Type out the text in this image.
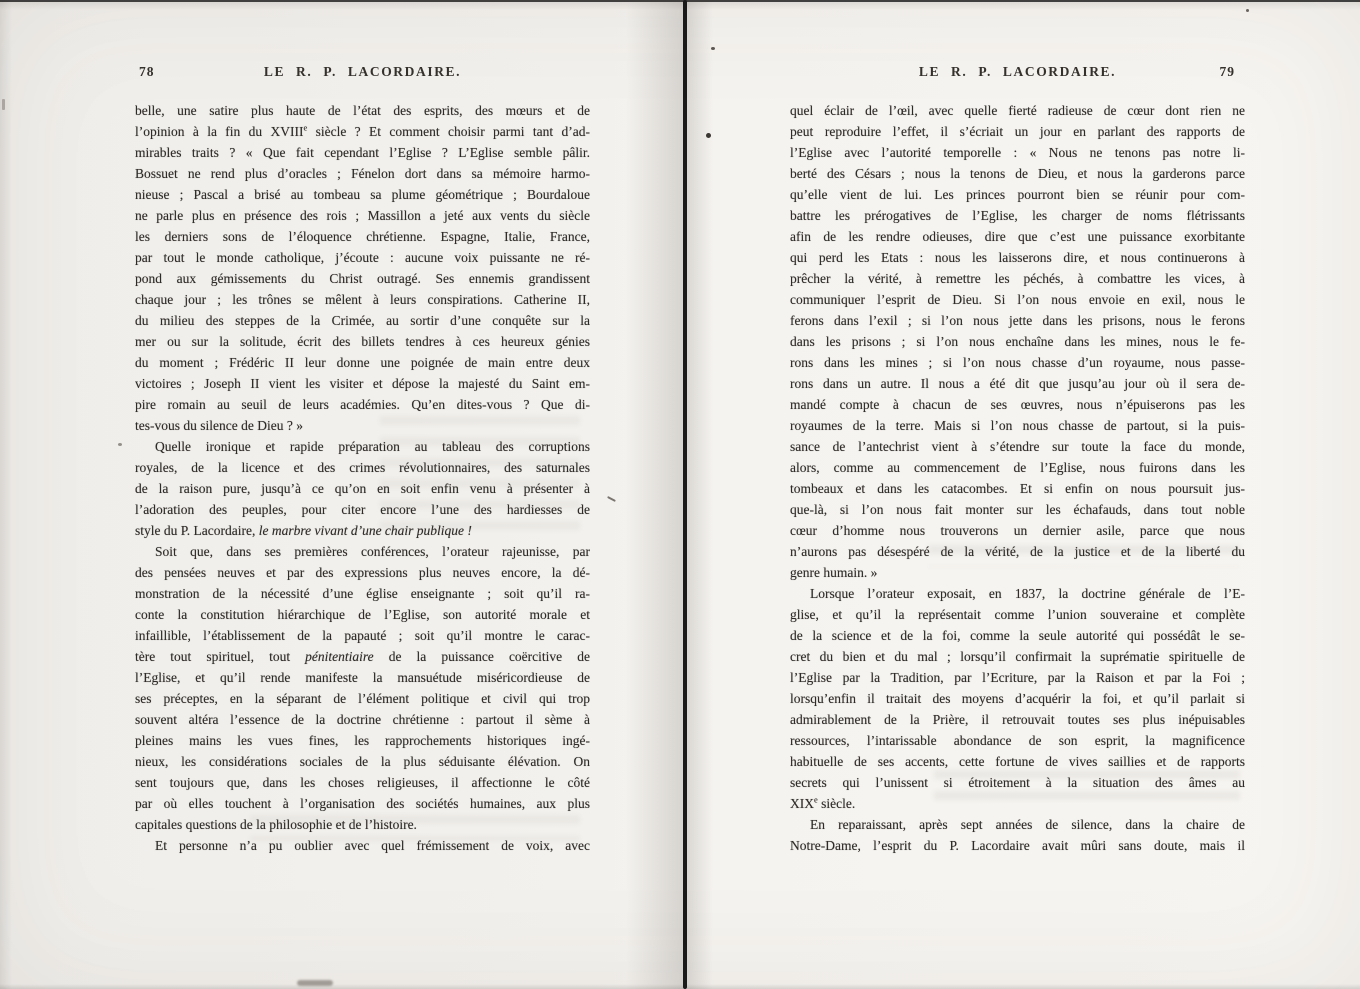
78	LE R. P. LACORDAIRE.
belle, une satire plus haute de l’état des esprits, des mœurs et de
l’opinion à la fin du XVIIIe siècle ? Et comment choisir parmi tant d’ad-
mirables traits ? « Que fait cependant l’Eglise ? L’Eglise semble pâlir.
Bossuet ne rend plus d’oracles ; Fénelon dort dans sa mémoire harmo-
nieuse ; Pascal a brisé au tombeau sa plume géométrique ; Bourdaloue
ne parle plus en présence des rois ; Massillon a jeté aux vents du siècle
les derniers sons de l’éloquence chrétienne. Espagne, Italie, France,
par tout le monde catholique, j’écoute : aucune voix puissante ne ré-
pond aux gémissements du Christ outragé. Ses ennemis grandissent
chaque jour ; les trônes se mêlent à leurs conspirations. Catherine II,
du milieu des steppes de la Crimée, au sortir d’une conquête sur la
mer ou sur la solitude, écrit des billets tendres à ces heureux génies
du moment ; Frédéric II leur donne une poignée de main entre deux
victoires ; Joseph II vient les visiter et dépose la majesté du Saint em-
pire romain au seuil de leurs académies. Qu’en dites-vous ? Que di-
tes-vous du silence de Dieu ? »
Quelle ironique et rapide préparation au tableau des corruptions
royales, de la licence et des crimes révolutionnaires, des saturnales
de la raison pure, jusqu’à ce qu’on en soit enfin venu à présenter à
l’adoration des peuples, pour citer encore l’une des hardiesses de
style du P. Lacordaire, le marbre vivant d’une chair publique !
Soit que, dans ses premières conférences, l’orateur rajeunisse, par
des pensées neuves et par des expressions plus neuves encore, la dé-
monstration de la nécessité d’une église enseignante ; soit qu’il ra-
conte la constitution hiérarchique de l’Eglise, son autorité morale et
infaillible, l’établissement de la papauté ; soit qu’il montre le carac-
tère tout spirituel, tout pénitentiaire de la puissance coërcitive de
l’Eglise, et qu’il rende manifeste la mansuétude miséricordieuse de
ses préceptes, en la séparant de l’élément politique et civil qui trop
souvent altéra l’essence de la doctrine chrétienne : partout il sème à
pleines mains les vues fines, les rapprochements historiques ingé-
nieux, les considérations sociales de la plus séduisante élévation. On
sent toujours que, dans les choses religieuses, il affectionne le côté
par où elles touchent à l’organisation des sociétés humaines, aux plus
capitales questions de la philosophie et de l’histoire.
Et personne n’a pu oublier avec quel frémissement de voix, avec
LE R. P. LACORDAIRE.	79
quel éclair de l’œil, avec quelle fierté radieuse de cœur dont rien ne
peut reproduire l’effet, il s’écriait un jour en parlant des rapports de
l’Eglise avec l’autorité temporelle : « Nous ne tenons pas notre li-
berté des Césars ; nous la tenons de Dieu, et nous la garderons parce
qu’elle vient de lui. Les princes pourront bien se réunir pour com-
battre les prérogatives de l’Eglise, les charger de noms flétrissants
afin de les rendre odieuses, dire que c’est une puissance exorbitante
qui perd les Etats : nous les laisserons dire, et nous continuerons à
prêcher la vérité, à remettre les péchés, à combattre les vices, à
communiquer l’esprit de Dieu. Si l’on nous envoie en exil, nous le
ferons dans l’exil ; si l’on nous jette dans les prisons, nous le ferons
dans les prisons ; si l’on nous enchaîne dans les mines, nous le fe-
rons dans les mines ; si l’on nous chasse d’un royaume, nous passe-
rons dans un autre. Il nous a été dit que jusqu’au jour où il sera de-
mandé compte à chacun de ses œuvres, nous n’épuiserons pas les
royaumes de la terre. Mais si l’on nous chasse de partout, si la puis-
sance de l’antechrist vient à s’étendre sur toute la face du monde,
alors, comme au commencement de l’Eglise, nous fuirons dans les
tombeaux et dans les catacombes. Et si enfin on nous poursuit jus-
que-là, si l’on nous fait monter sur les échafauds, dans tout noble
cœur d’homme nous trouverons un dernier asile, parce que nous
n’aurons pas désespéré de la vérité, de la justice et de la liberté du
genre humain. »
Lorsque l’orateur exposait, en 1837, la doctrine générale de l’E-
glise, et qu’il la représentait comme l’union souveraine et complète
de la science et de la foi, comme la seule autorité qui possédât le se-
cret du bien et du mal ; lorsqu’il confirmait la suprématie spirituelle de
l’Eglise par la Tradition, par l’Ecriture, par la Raison et par la Foi ;
lorsqu’enfin il traitait des moyens d’acquérir la foi, et qu’il parlait si
admirablement de la Prière, il retrouvait toutes ses plus inépuisables
ressources, l’intarissable abondance de son esprit, la magnificence
habituelle de ses accents, cette fortune de vives saillies et de rapports
secrets qui l’unissent si étroitement à la situation des âmes au
XIXe siècle.
En reparaissant, après sept années de silence, dans la chaire de
Notre-Dame, l’esprit du P. Lacordaire avait mûri sans doute, mais il
